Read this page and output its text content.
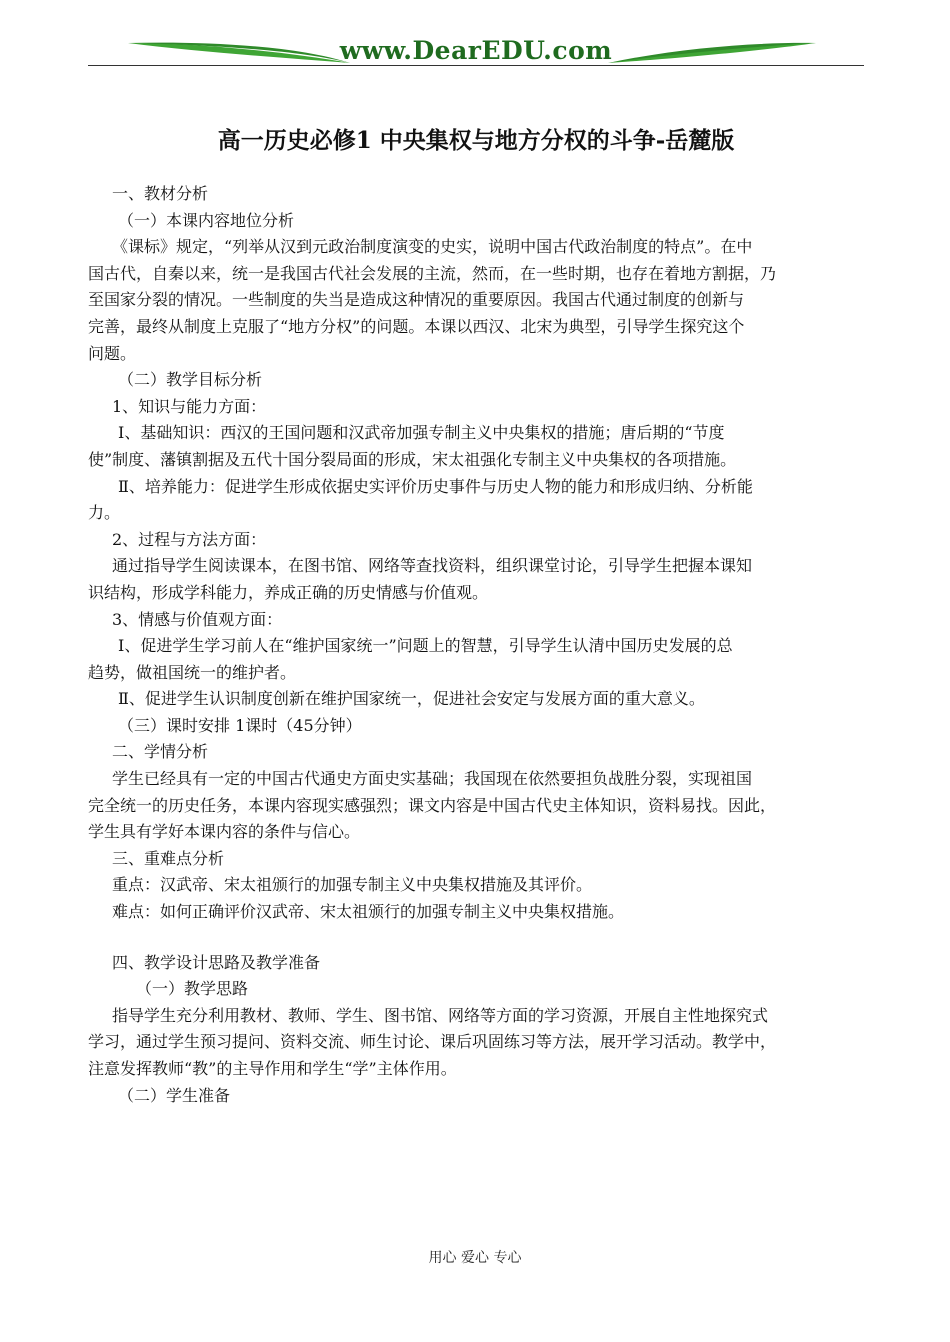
www.DearEDU.com
高一历史必修1 中央集权与地方分权的斗争-岳麓版

一、教材分析

（一）本课内容地位分析

《课标》规定，“列举从汉到元政治制度演变的史实，说明中国古代政治制度的特点”。在中

国古代，自秦以来，统一是我国古代社会发展的主流，然而，在一些时期，也存在着地方割据，乃

至国家分裂的情况。一些制度的失当是造成这种情况的重要原因。我国古代通过制度的创新与

完善，最终从制度上克服了“地方分权”的问题。本课以西汉、北宋为典型，引导学生探究这个

问题。

（二）教学目标分析

1、知识与能力方面：

Ⅰ、基础知识：西汉的王国问题和汉武帝加强专制主义中央集权的措施；唐后期的“节度

使”制度、藩镇割据及五代十国分裂局面的形成，宋太祖强化专制主义中央集权的各项措施。

Ⅱ、培养能力：促进学生形成依据史实评价历史事件与历史人物的能力和形成归纳、分析能

力。

2、过程与方法方面：

通过指导学生阅读课本，在图书馆、网络等查找资料，组织课堂讨论，引导学生把握本课知

识结构，形成学科能力，养成正确的历史情感与价值观。

3、情感与价值观方面：

Ⅰ、促进学生学习前人在“维护国家统一”问题上的智慧，引导学生认清中国历史发展的总

趋势，做祖国统一的维护者。

Ⅱ、促进学生认识制度创新在维护国家统一，促进社会安定与发展方面的重大意义。

（三）课时安排 1课时（45分钟）

二、学情分析

学生已经具有一定的中国古代通史方面史实基础；我国现在依然要担负战胜分裂，实现祖国

完全统一的历史任务，本课内容现实感强烈；课文内容是中国古代史主体知识，资料易找。因此，

学生具有学好本课内容的条件与信心。

三、重难点分析

重点：汉武帝、宋太祖颁行的加强专制主义中央集权措施及其评价。

难点：如何正确评价汉武帝、宋太祖颁行的加强专制主义中央集权措施。

四、教学设计思路及教学准备

（一）教学思路

指导学生充分利用教材、教师、学生、图书馆、网络等方面的学习资源，开展自主性地探究式

学习，通过学生预习提问、资料交流、师生讨论、课后巩固练习等方法，展开学习活动。教学中，

注意发挥教师“教”的主导作用和学生“学”主体作用。

（二）学生准备

用心 爱心 专心
